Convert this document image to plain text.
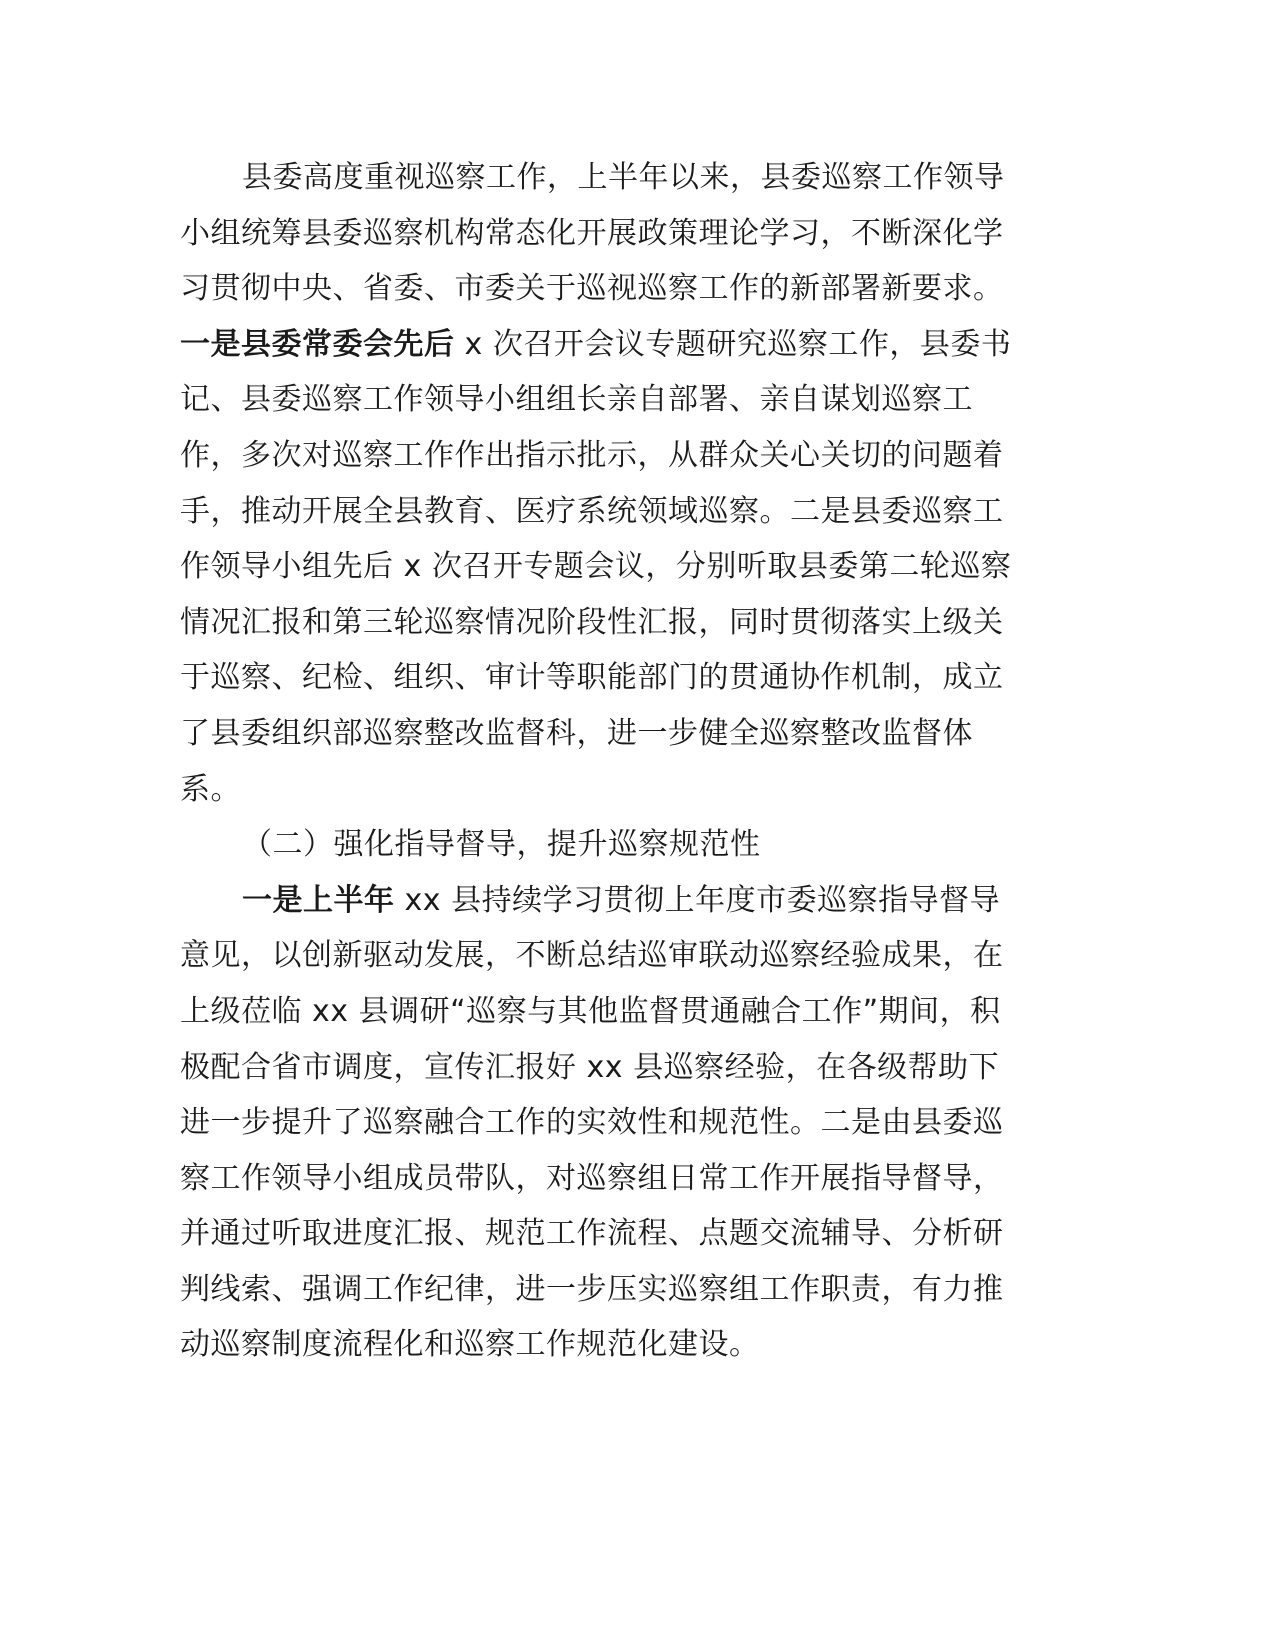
县委高度重视巡察工作，上半年以来，县委巡察工作领导
小组统筹县委巡察机构常态化开展政策理论学习，不断深化学
习贯彻中央、省委、市委关于巡视巡察工作的新部署新要求。
一是县委常委会先后 x 次召开会议专题研究巡察工作，县委书
记、县委巡察工作领导小组组长亲自部署、亲自谋划巡察工
作，多次对巡察工作作出指示批示，从群众关心关切的问题着
手，推动开展全县教育、医疗系统领域巡察。二是县委巡察工
作领导小组先后 x 次召开专题会议，分别听取县委第二轮巡察
情况汇报和第三轮巡察情况阶段性汇报，同时贯彻落实上级关
于巡察、纪检、组织、审计等职能部门的贯通协作机制，成立
了县委组织部巡察整改监督科，进一步健全巡察整改监督体
系。
（二）强化指导督导，提升巡察规范性
一是上半年 xx 县持续学习贯彻上年度市委巡察指导督导
意见，以创新驱动发展，不断总结巡审联动巡察经验成果，在
上级莅临 xx 县调研“巡察与其他监督贯通融合工作”期间，积
极配合省市调度，宣传汇报好 xx 县巡察经验，在各级帮助下
进一步提升了巡察融合工作的实效性和规范性。二是由县委巡
察工作领导小组成员带队，对巡察组日常工作开展指导督导，
并通过听取进度汇报、规范工作流程、点题交流辅导、分析研
判线索、强调工作纪律，进一步压实巡察组工作职责，有力推
动巡察制度流程化和巡察工作规范化建设。
